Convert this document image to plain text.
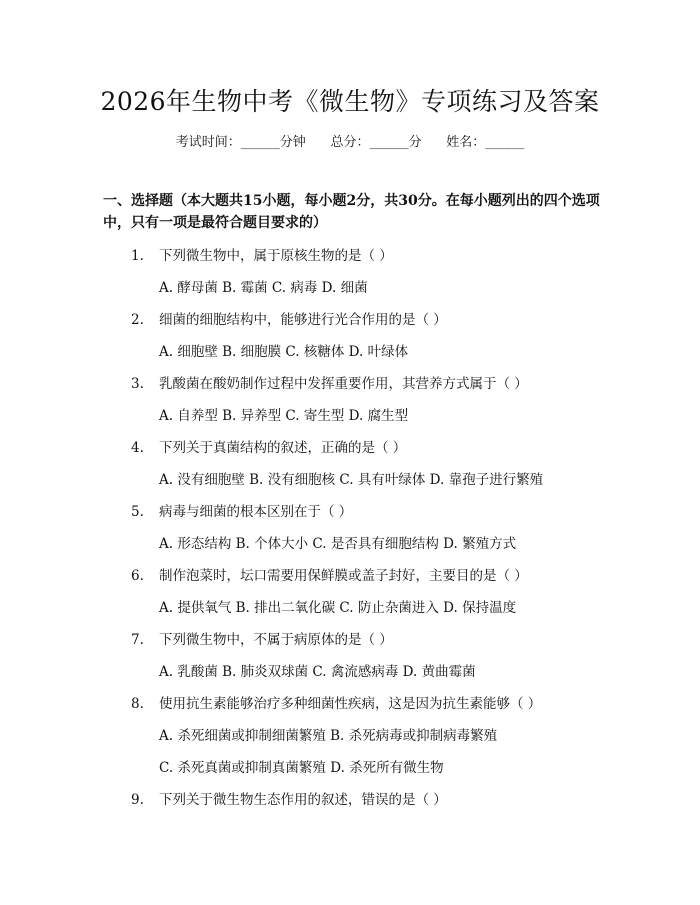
2026年生物中考《微生物》专项练习及答案
考试时间：______分钟      总分：______分      姓名：______
一、选择题（本大题共15小题，每小题2分，共30分。在每小题列出的四个选项中，只有一项是最符合题目要求的）
1. 下列微生物中，属于原核生物的是（ ）
A. 酵母菌 B. 霉菌 C. 病毒 D. 细菌
2. 细菌的细胞结构中，能够进行光合作用的是（ ）
A. 细胞壁 B. 细胞膜 C. 核糖体 D. 叶绿体
3. 乳酸菌在酸奶制作过程中发挥重要作用，其营养方式属于（ ）
A. 自养型 B. 异养型 C. 寄生型 D. 腐生型
4. 下列关于真菌结构的叙述，正确的是（ ）
A. 没有细胞壁 B. 没有细胞核 C. 具有叶绿体 D. 靠孢子进行繁殖
5. 病毒与细菌的根本区别在于（ ）
A. 形态结构 B. 个体大小 C. 是否具有细胞结构 D. 繁殖方式
6. 制作泡菜时，坛口需要用保鲜膜或盖子封好，主要目的是（ ）
A. 提供氧气 B. 排出二氧化碳 C. 防止杂菌进入 D. 保持温度
7. 下列微生物中，不属于病原体的是（ ）
A. 乳酸菌 B. 肺炎双球菌 C. 禽流感病毒 D. 黄曲霉菌
8. 使用抗生素能够治疗多种细菌性疾病，这是因为抗生素能够（ ）
A. 杀死细菌或抑制细菌繁殖 B. 杀死病毒或抑制病毒繁殖
C. 杀死真菌或抑制真菌繁殖 D. 杀死所有微生物
9. 下列关于微生物生态作用的叙述，错误的是（ ）
